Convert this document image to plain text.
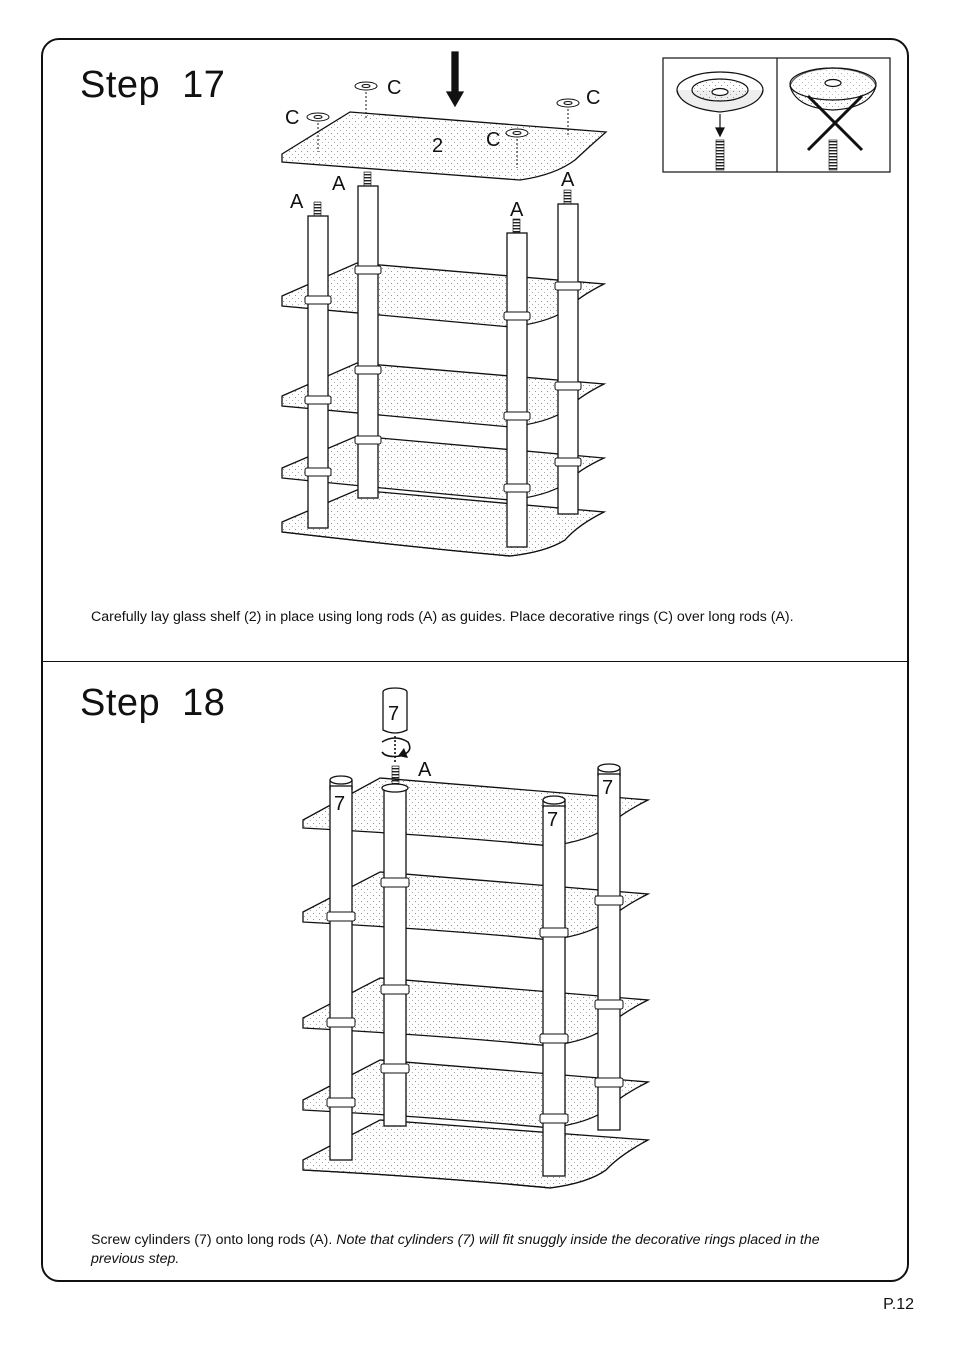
Step 17
Step 18
C
C
C
C
2
A
A
A
A
7
A
7
7
7
Carefully lay glass shelf (2) in place using long rods (A) as guides. Place decorative rings (C) over long rods (A).
Screw cylinders (7) onto long rods (A). Note that cylinders (7) will fit snuggly inside the decorative rings placed in the previous step.
P.12
